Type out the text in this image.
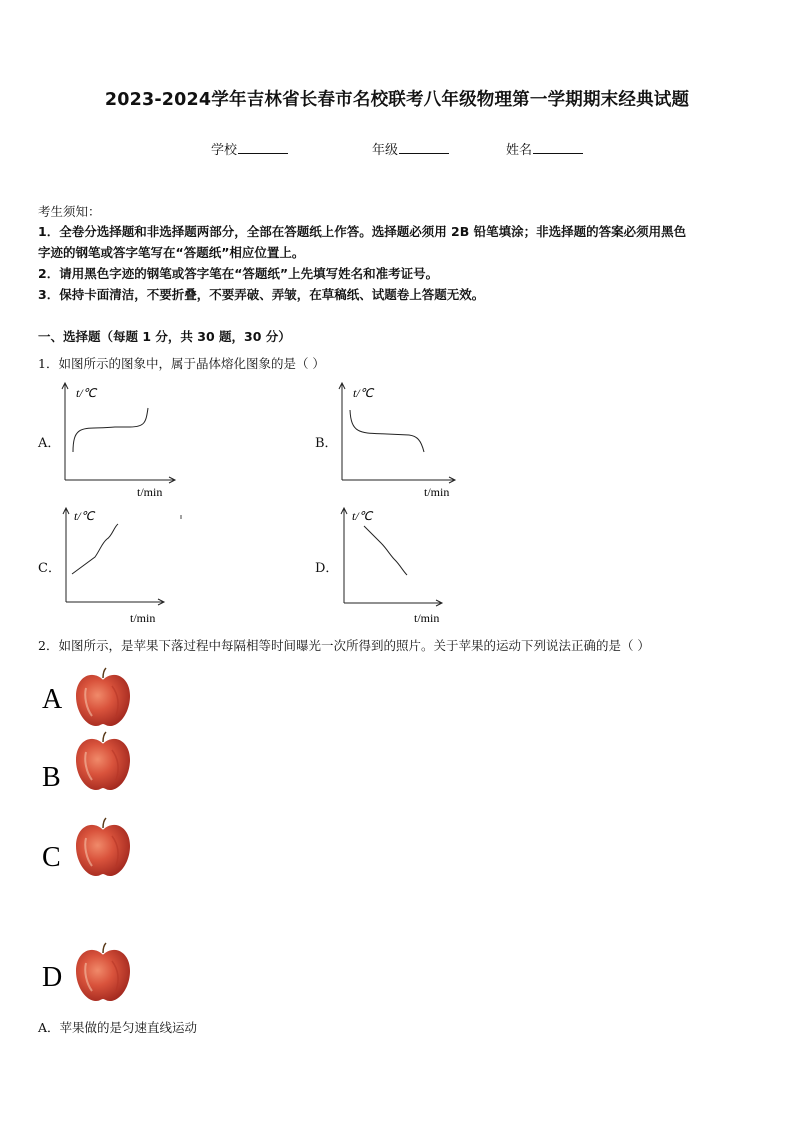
2023-2024学年吉林省长春市名校联考八年级物理第一学期期末经典试题
学校	年级	姓名
考生须知：
1．全卷分选择题和非选择题两部分，全部在答题纸上作答。选择题必须用 2B 铅笔填涂；非选择题的答案必须用黑色
字迹的钢笔或答字笔写在“答题纸”相应位置上。
2．请用黑色字迹的钢笔或答字笔在“答题纸”上先填写姓名和准考证号。
3．保持卡面清洁，不要折叠，不要弄破、弄皱，在草稿纸、试题卷上答题无效。
一、选择题（每题 1 分，共 30 题，30 分）
1．如图所示的图象中，属于晶体熔化图象的是（ ）
A．
t/℃
t/min
B．
t/℃
t/min
C．
t/℃
t/min
D．
t/℃
t/min
2．如图所示，是苹果下落过程中每隔相等时间曝光一次所得到的照片。关于苹果的运动下列说法正确的是（ ）
A
B
C
D
A．苹果做的是匀速直线运动
